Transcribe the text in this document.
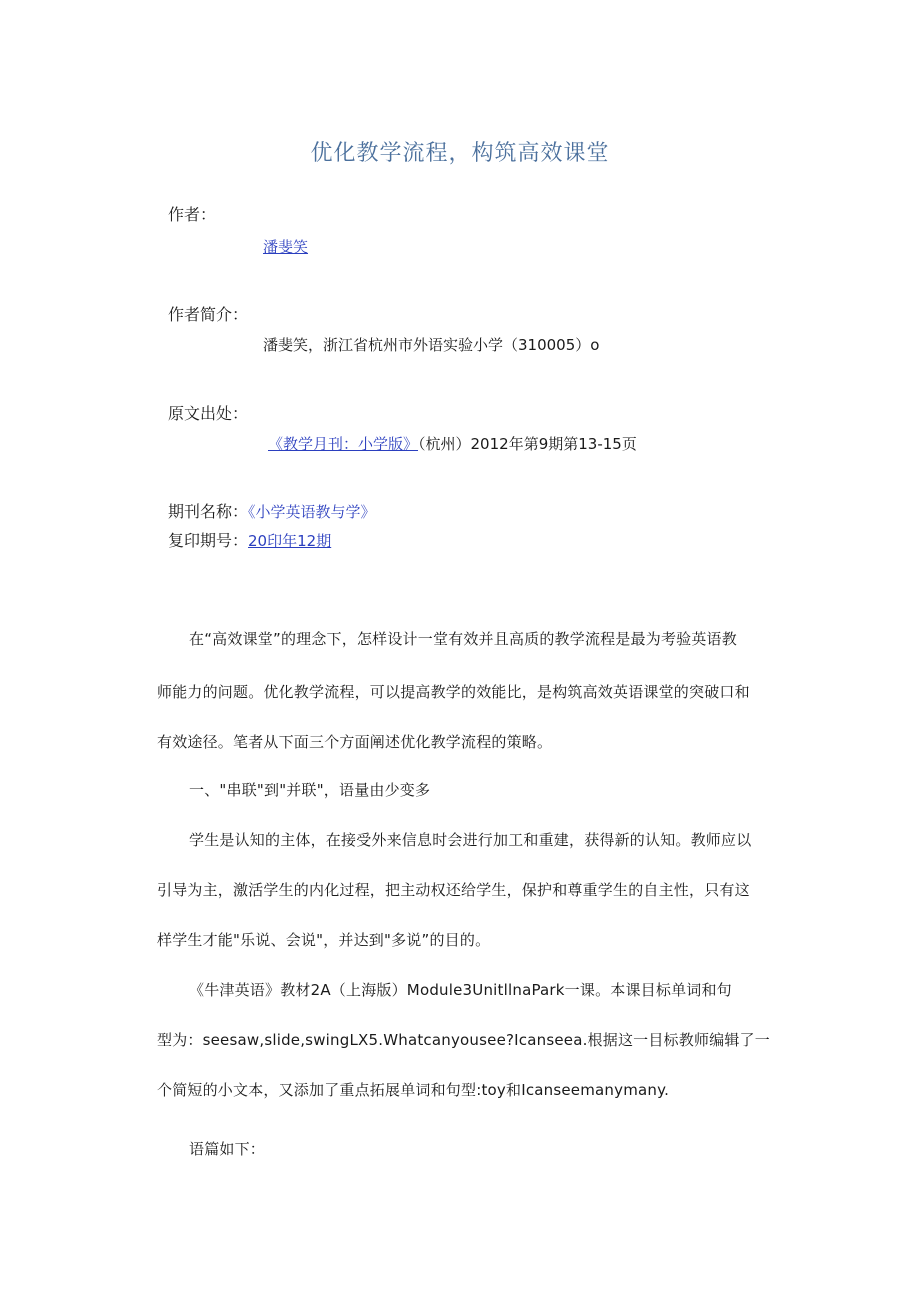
优化教学流程，构筑高效课堂
作者：
潘斐笑
作者简介：
潘斐笑，浙江省杭州市外语实验小学（310005）o
原文出处：
《教学月刊：小学版》（杭州）2012年第9期第13-15页
期刊名称：《小学英语教与学》
复印期号：20印年12期
在“高效课堂”的理念下，怎样设计一堂有效并且高质的教学流程是最为考验英语教
师能力的问题。优化教学流程，可以提高教学的效能比，是构筑高效英语课堂的突破口和
有效途径。笔者从下面三个方面阐述优化教学流程的策略。
一、"串联"到"并联"，语量由少变多
学生是认知的主体，在接受外来信息时会进行加工和重建，获得新的认知。教师应以
引导为主，激活学生的内化过程，把主动权还给学生，保护和尊重学生的自主性，只有这
样学生才能"乐说、会说"，并达到"多说”的目的。
《牛津英语》教材2A（上海版）Module3UnitllnaPark一课。本课目标单词和句
型为：seesaw,slide,swingLX5.Whatcanyousee?Icanseea.根据这一目标教师编辑了一
个简短的小文本，又添加了重点拓展单词和句型:toy和Icanseemanymany.
语篇如下：
